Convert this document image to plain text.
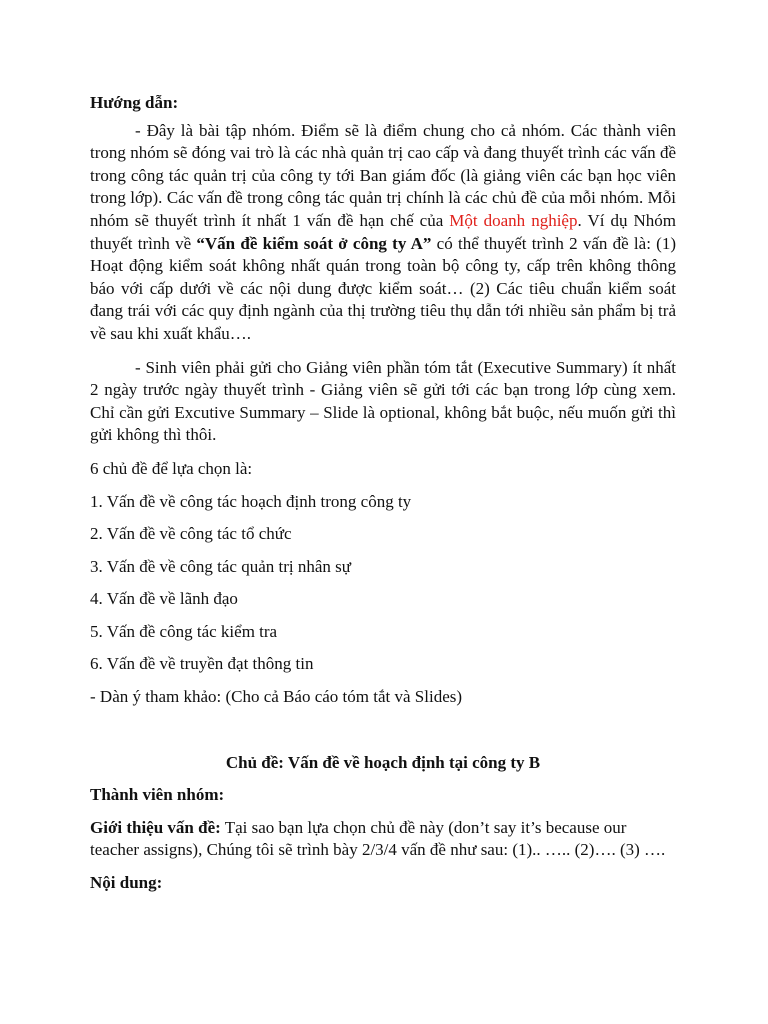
Hướng dẫn:

- Đây là bài tập nhóm. Điểm sẽ là điểm chung cho cả nhóm. Các thành viên trong nhóm sẽ đóng vai trò là các nhà quản trị cao cấp và đang thuyết trình các vấn đề trong công tác quản trị của công ty tới Ban giám đốc (là giảng viên các bạn học viên trong lớp). Các vấn đề trong công tác quản trị chính là các chủ đề của mỗi nhóm. Mỗi nhóm sẽ thuyết trình ít nhất 1 vấn đề hạn chế của Một doanh nghiệp. Ví dụ Nhóm thuyết trình về “Vấn đề kiểm soát ở công ty A” có thể thuyết trình 2 vấn đề là: (1) Hoạt động kiểm soát không nhất quán trong toàn bộ công ty, cấp trên không thông báo với cấp dưới về các nội dung được kiểm soát… (2) Các tiêu chuẩn kiểm soát đang trái với các quy định ngành của thị trường tiêu thụ dẫn tới nhiều sản phẩm bị trả về sau khi xuất khẩu….

- Sinh viên phải gửi cho Giảng viên phần tóm tắt (Executive Summary) ít nhất 2 ngày trước ngày thuyết trình - Giảng viên sẽ gửi tới các bạn trong lớp cùng xem. Chỉ cần gửi Excutive Summary – Slide là optional, không bắt buộc, nếu muốn gửi thì gửi không thì thôi.

6 chủ đề để lựa chọn là:

1. Vấn đề về công tác hoạch định trong công ty

2. Vấn đề về công tác tổ chức

3. Vấn đề về công tác quản trị nhân sự

4. Vấn đề về lãnh đạo

5. Vấn đề công tác kiểm tra

6. Vấn đề về truyền đạt thông tin

- Dàn ý tham khảo: (Cho cả Báo cáo tóm tắt và Slides)

Chủ đề: Vấn đề về hoạch định tại công ty B

Thành viên nhóm:

Giới thiệu vấn đề: Tại sao bạn lựa chọn chủ đề này (don’t say it’s because our teacher assigns), Chúng tôi sẽ trình bày 2/3/4 vấn đề như sau: (1).. ….. (2)…. (3) ….

Nội dung:
